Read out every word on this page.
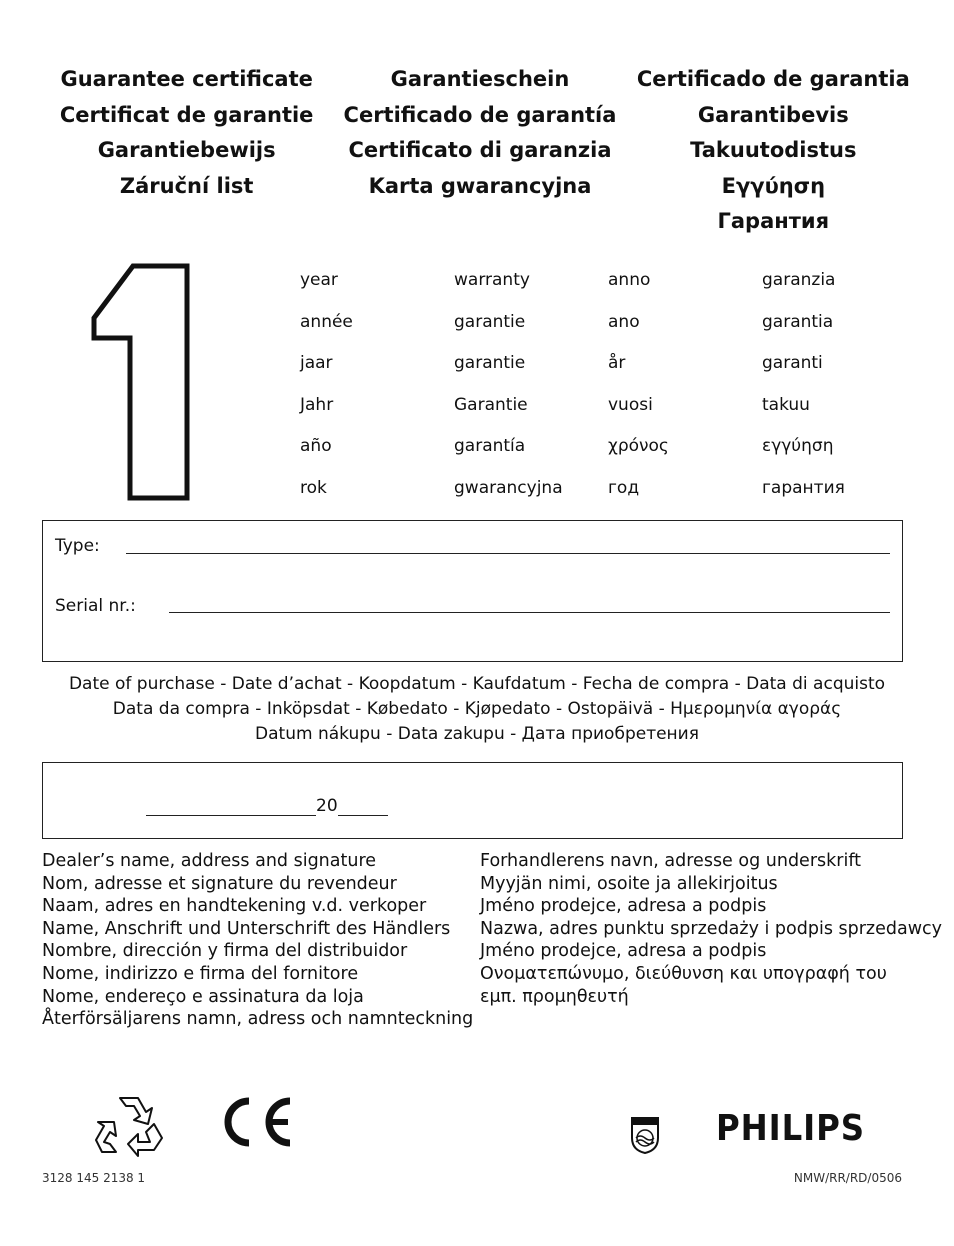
Guarantee certificate
Certificat de garantie
Garantiebewijs
Záruční list
Garantieschein
Certificado de garantía
Certificato di garanzia
Karta gwarancyjna
Certificado de garantia
Garantibevis
Takuutodistus
Εγγύηση
Гарантия
1
year	warranty	anno	garanzia
année	garantie	ano	garantia
jaar	garantie	år	garanti
Jahr	Garantie	vuosi	takuu
año	garantía	χρόνος	εγγύηση
rok	gwarancyjna	год	гарантия
Type:
Serial nr.:
Date of purchase - Date d’achat - Koopdatum - Kaufdatum - Fecha de compra - Data di acquisto
Data da compra - Inköpsdat - Købedato - Kjøpedato - Ostopäivä - Ημερομηνία αγοράς
Datum nákupu - Data zakupu - Дата приобретения
20
Dealer’s name, address and signature
Nom, adresse et signature du revendeur
Naam, adres en handtekening v.d. verkoper
Name, Anschrift und Unterschrift des Händlers
Nombre, dirección y firma del distribuidor
Nome, indirizzo e firma del fornitore
Nome, endereço e assinatura da loja
Återförsäljarens namn, adress och namnteckning
Forhandlerens navn, adresse og underskrift
Myyjän nimi, osoite ja allekirjoitus
Jméno prodejce, adresa a podpis
Nazwa, adres punktu sprzedaży i podpis sprzedawcy
Jméno prodejce, adresa a podpis
Ονοματεπώνυμο, διεύθυνση και υπογραφή του
εμπ. προμηθευτή
PHILIPS
3128 145 2138 1	NMW/RR/RD/0506
